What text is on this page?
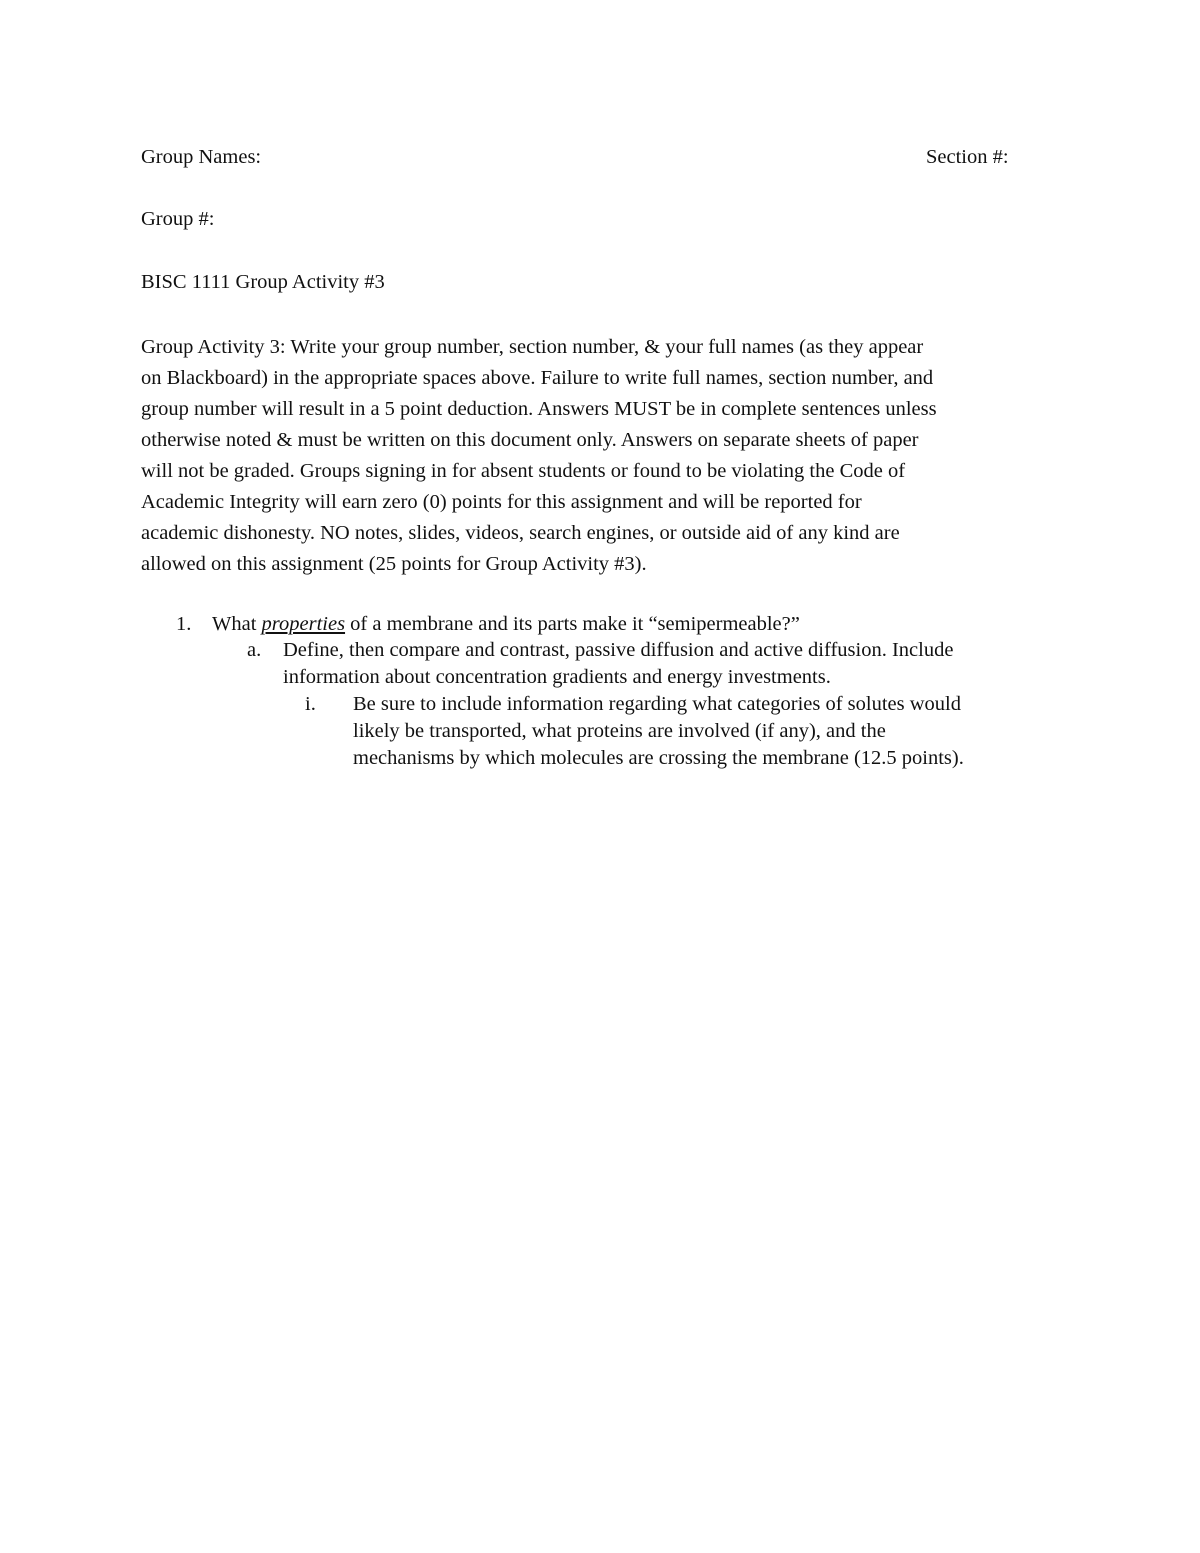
Group Names:	Section #:
Group #:
BISC 1111 Group Activity #3
Group Activity 3: Write your group number, section number, & your full names (as they appear
on Blackboard) in the appropriate spaces above. Failure to write full names, section number, and
group number will result in a 5 point deduction. Answers MUST be in complete sentences unless
otherwise noted & must be written on this document only. Answers on separate sheets of paper
will not be graded. Groups signing in for absent students or found to be violating the Code of
Academic Integrity will earn zero (0) points for this assignment and will be reported for
academic dishonesty. NO notes, slides, videos, search engines, or outside aid of any kind are
allowed on this assignment (25 points for Group Activity #3).
1. What properties of a membrane and its parts make it “semipermeable?”
a. Define, then compare and contrast, passive diffusion and active diffusion. Include
information about concentration gradients and energy investments.
i. Be sure to include information regarding what categories of solutes would
likely be transported, what proteins are involved (if any), and the
mechanisms by which molecules are crossing the membrane (12.5 points).
